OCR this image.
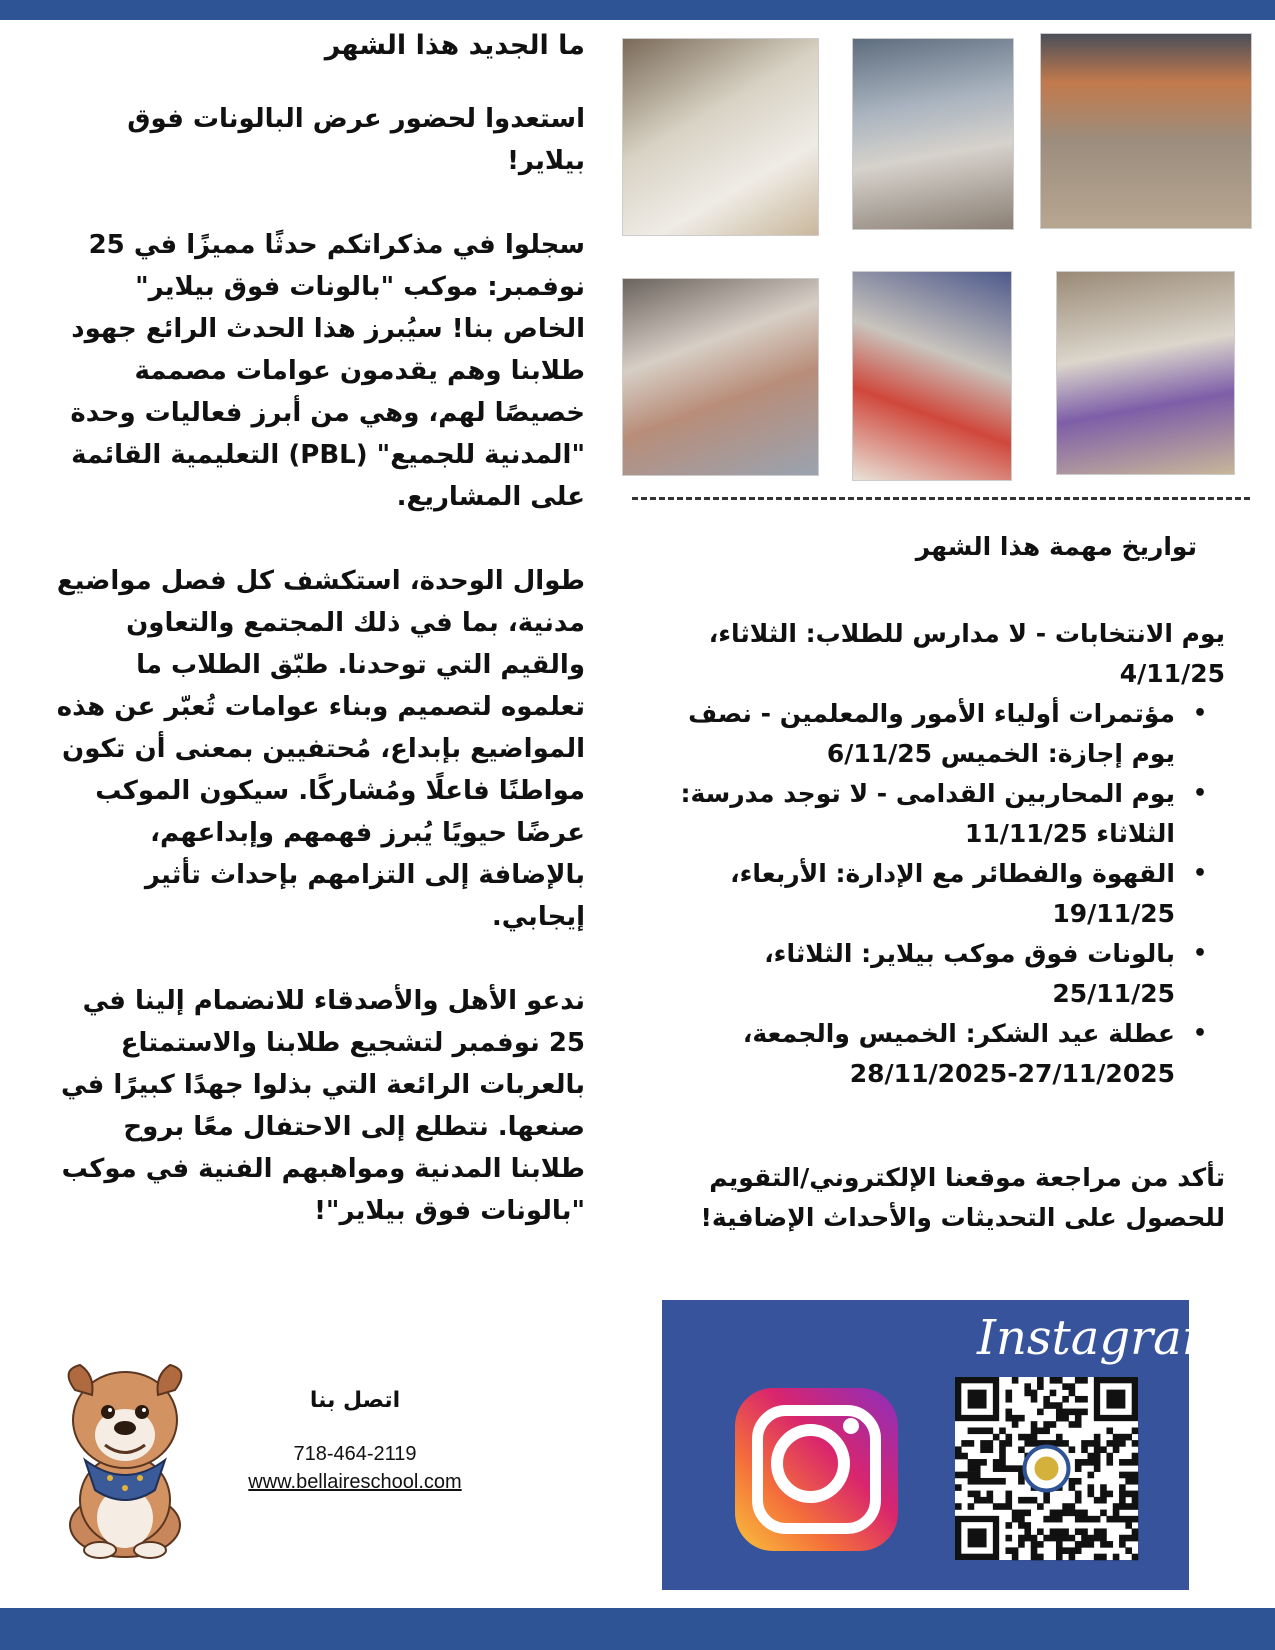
ما الجديد هذا الشهر

استعدوا لحضور عرض البالونات فوق بيلاير!

سجلوا في مذكراتكم حدثًا مميزًا في 25 نوفمبر: موكب "بالونات فوق بيلاير" الخاص بنا! سيُبرز هذا الحدث الرائع جهود طلابنا وهم يقدمون عوامات مصممة خصيصًا لهم، وهي من أبرز فعاليات وحدة "المدنية للجميع" (PBL) التعليمية القائمة على المشاريع.

طوال الوحدة، استكشف كل فصل مواضيع مدنية، بما في ذلك المجتمع والتعاون والقيم التي توحدنا. طبّق الطلاب ما تعلموه لتصميم وبناء عوامات تُعبّر عن هذه المواضيع بإبداع، مُحتفيين بمعنى أن تكون مواطنًا فاعلًا ومُشاركًا. سيكون الموكب عرضًا حيويًا يُبرز فهمهم وإبداعهم، بالإضافة إلى التزامهم بإحداث تأثير إيجابي.

ندعو الأهل والأصدقاء للانضمام إلينا في 25 نوفمبر لتشجيع طلابنا والاستمتاع بالعربات الرائعة التي بذلوا جهدًا كبيرًا في صنعها. نتطلع إلى الاحتفال معًا بروح طلابنا المدنية ومواهبهم الفنية في موكب "بالونات فوق بيلاير"!

تواريخ مهمة هذا الشهر
يوم الانتخابات - لا مدارس للطلاب: الثلاثاء، 4/11/25
• مؤتمرات أولياء الأمور والمعلمين - نصف يوم إجازة: الخميس 6/11/25
• يوم المحاربين القدامى - لا توجد مدرسة: الثلاثاء 11/11/25
• القهوة والفطائر مع الإدارة: الأربعاء، 19/11/25
• بالونات فوق موكب بيلاير: الثلاثاء، 25/11/25
• عطلة عيد الشكر: الخميس والجمعة، 27/11/2025-28/11/2025
تأكد من مراجعة موقعنا الإلكتروني/التقويم للحصول على التحديثات والأحداث الإضافية!
Instagram
اتصل بنا
718-464-2119
www.bellaireschool.com
